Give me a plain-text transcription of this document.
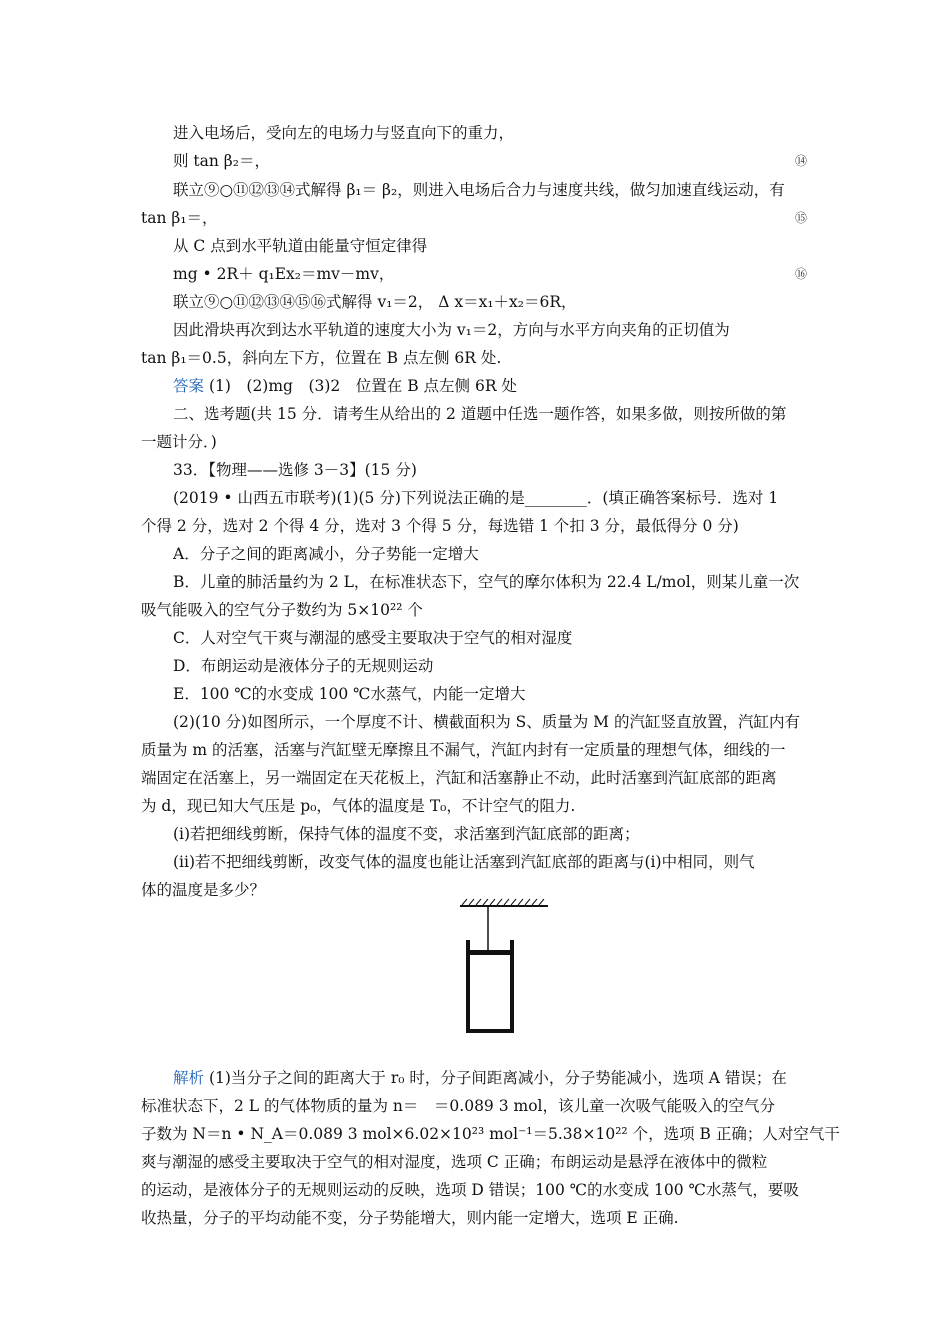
进入电场后，受向左的电场力与竖直向下的重力，
则 tan β₂＝，	⑭
联立⑨○⑪⑫⑬⑭式解得 β₁＝ β₂，则进入电场后合力与速度共线，做匀加速直线运动，有
tan β₁＝，	⑮
从 C 点到水平轨道由能量守恒定律得
mg • 2R＋ q₁Ex₂＝mv－mv，	⑯
联立⑨○⑪⑫⑬⑭⑮⑯式解得 v₁＝2， Δ x＝x₁＋x₂＝6R，
因此滑块再次到达水平轨道的速度大小为 v₁＝2，方向与水平方向夹角的正切值为
tan β₁＝0.5，斜向左下方，位置在 B 点左侧 6R 处.
答案 (1)　(2)mg　(3)2　位置在 B 点左侧 6R 处
二、选考题(共 15 分．请考生从给出的 2 道题中任选一题作答，如果多做，则按所做的第
一题计分．)
33．【物理——选修 3－3】(15 分)
(2019 • 山西五市联考)(1)(5 分)下列说法正确的是________．(填正确答案标号．选对 1
个得 2 分，选对 2 个得 4 分，选对 3 个得 5 分，每选错 1 个扣 3 分，最低得分 0 分)
A．分子之间的距离减小，分子势能一定增大
B．儿童的肺活量约为 2 L，在标准状态下，空气的摩尔体积为 22.4 L/mol，则某儿童一次
吸气能吸入的空气分子数约为 5×10²² 个
C．人对空气干爽与潮湿的感受主要取决于空气的相对湿度
D．布朗运动是液体分子的无规则运动
E．100 ℃的水变成 100 ℃水蒸气，内能一定增大
(2)(10 分)如图所示，一个厚度不计、横截面积为 S、质量为 M 的汽缸竖直放置，汽缸内有
质量为 m 的活塞，活塞与汽缸壁无摩擦且不漏气，汽缸内封有一定质量的理想气体，细线的一
端固定在活塞上，另一端固定在天花板上，汽缸和活塞静止不动，此时活塞到汽缸底部的距离
为 d，现已知大气压是 p₀，气体的温度是 T₀，不计空气的阻力.
(i)若把细线剪断，保持气体的温度不变，求活塞到汽缸底部的距离；
(ii)若不把细线剪断，改变气体的温度也能让活塞到汽缸底部的距离与(i)中相同，则气
体的温度是多少？
解析 (1)当分子之间的距离大于 r₀ 时，分子间距离减小，分子势能减小，选项 A 错误；在
标准状态下，2 L 的气体物质的量为 n＝　＝0.089 3 mol，该儿童一次吸气能吸入的空气分
子数为 N＝n • N_A＝0.089 3 mol×6.02×10²³ mol⁻¹＝5.38×10²² 个，选项 B 正确；人对空气干
爽与潮湿的感受主要取决于空气的相对湿度，选项 C 正确；布朗运动是悬浮在液体中的微粒
的运动，是液体分子的无规则运动的反映，选项 D 错误；100 ℃的水变成 100 ℃水蒸气，要吸
收热量，分子的平均动能不变，分子势能增大，则内能一定增大，选项 E 正确.
